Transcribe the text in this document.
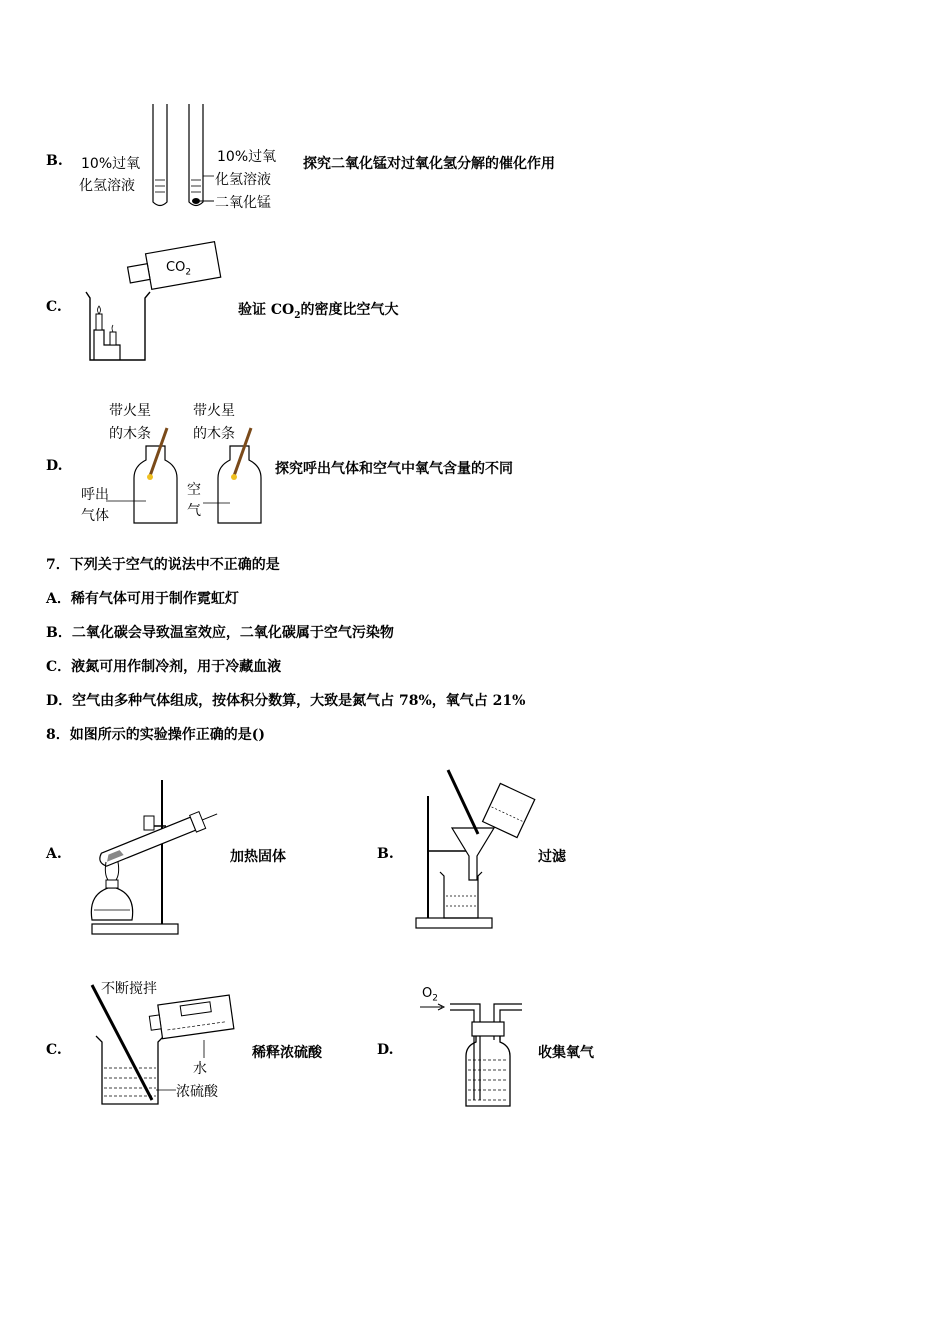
B. 10%过氧
化氢溶液
10%过氧
化氢溶液
二氧化锰
探究二氧化锰对过氧化氢分解的催化作用
C.
$CO_2$
验证 $CO_2$的密度比空气大
D.
带火星
的木条
带火星
的木条
呼出
气体
空
气
探究呼出气体和空气中氧气含量的不同
7．下列关于空气的说法中不正确的是
A．稀有气体可用于制作霓虹灯
B．二氧化碳会导致温室效应，二氧化碳属于空气污染物
C．液氮可用作制冷剂，用于冷藏血液
D．空气由多种气体组成，按体积分数算，大致是氮气占 78%，氧气占 21%
8．如图所示的实验操作正确的是()
A.	加热固体	B.	过滤
C.
不断搅拌
水
浓硫酸
稀释浓硫酸	D.
$O_2$
收集氧气
